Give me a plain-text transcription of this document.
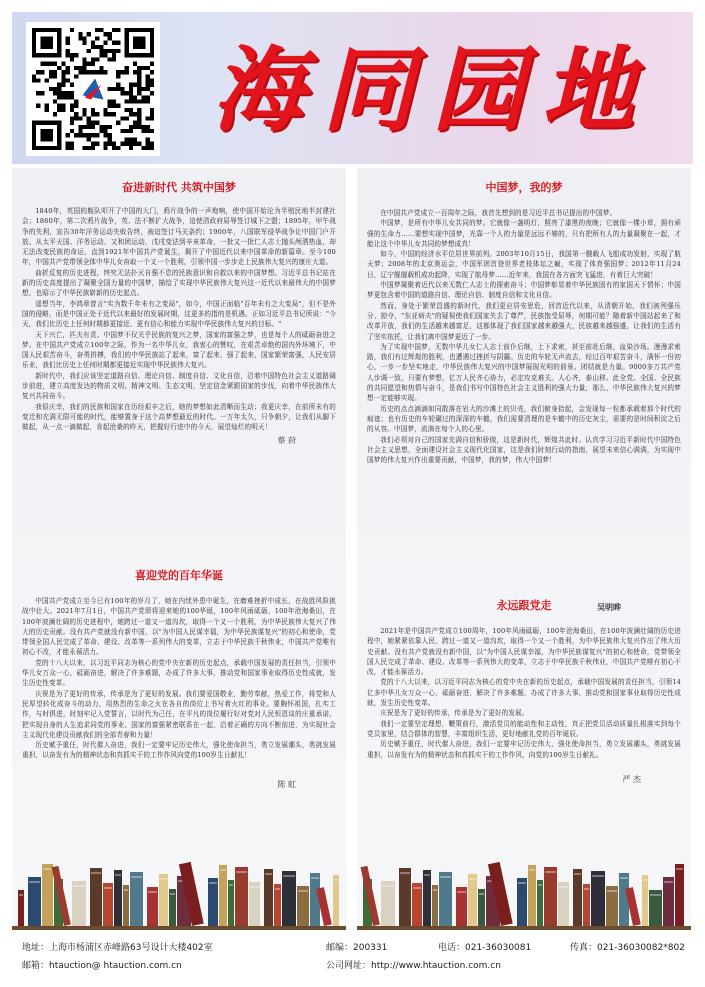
海同园地
奋进新时代 共筑中国梦

1840年，英国的舰队叩开了中国的大门，鸦片战争的一声炮响，使中国开始沦为半殖民地半封建社会；1860年，第二次鸦片战争，英、法不断扩大战争，迫使清政府屈辱签订城下之盟；1895年，甲午战争的失利，宣告30年洋务运动失败告终，被迫签订马关条约；1900年，八国联军侵华战争让中国门户开放。从太平天国、洋务运动、又和团运动，戊戌变法到辛亥革命，一批又一批仁人志士抛头颅洒热血，却无法改变民族的命运，直到1921年中国共产党诞生，揭开了中国近代以来中国革命的新篇章。至今100年，中国共产党带领全体中华儿女奋取一个又一个胜利，引领中国一步步走上民族伟大复兴的康庄大道。

曲折反复的历史进程，终究无法扑灭自强不息的民族意识和自救以来的中国梦想。习近平总书记站在新的历史高度提出了凝聚全国力量的中国梦，描绘了实现中华民族伟大复兴这一近代以来最伟大的中国梦想，也昭示了中华民族崭新的历史起点。

遥想当年，李鸿章曾言"实为数千年未有之变局"，如今，中国正面临"百年未有之大变局"，但不是外国的侵略，而是中国正处于近代以来最好的发展时期，这更多的指的是机遇。正如习近平总书记所说："今天，我们比历史上任何时期都更接近、更有信心和能力实现中华民族伟大复兴的目标。"

天下兴亡，匹夫有责。中国梦不仅关乎民族的复兴之梦，国家的富强之梦，也是每个人的砥砺奋进之梦。在中国共产党成立100年之际，作为一名中华儿女，我衷心的赞叹，在艰苦卓绝的国内外环境下，中国人民艰苦奋斗，奋勇拼搏，我们的中华民族站了起来，富了起来，强了起来，国家繁荣富强，人民安居乐业，我们比历史上任何时期都更接近实现中华民族伟大复兴。

新时代中，我们应该坚定道路自信、理论自信、制度自信、文化自信，沿着中国特色社会主义道路阔步前进，建立高度发达的物质文明、精神文明、生态文明，坚定信念紧跟国家的步伐，向着中华民族伟大复兴共同奋斗。

我很庆幸，我们的民族和国家在历经艰辛之后，她的梦想如此清晰而生动；我更庆幸，在前所未有的变迁和充满无限可能的时代，能够置身于这个高梦想最近的时代。一万年太久，只争朝夕，让我们从脚下做起，从一点一滴做起，肯起沧桑的昨天，把握好行进中的今天，展望灿烂的明天！

蔡 莳
喜迎党的百年华诞

中国共产党成立至今已有100年的岁月了，她在内忧外患中诞生，在磨难挫折中成长，在战胜风险挑战中壮大。2021年7月1日，中国共产党即将迎来她的100华诞，100年风雨砥砺，100年沧海桑田，在100年波澜壮阔的历史进程中，她跨过一道又一道沟坎，取得一个又一个胜利，为中华民族伟大复兴了伟大的历史贡献。没有共产党就没有新中国，以"为中国人民谋幸福，为中华民族谋复兴"的初心和使命，党带领全国人民完成了革命、建设、改革等一系列伟大的变革，立志于中华民族千秋伟业，中国共产党唯有初心不改，才能永葆活力。

党的十八大以来，以习近平同志为核心的党中央在新的历史起点，承载中国发展的责任担当，引领中华儿女万众一心，砥砺奋进，解决了许多难题，办成了许多大事，推动党和国家事业取得历史性成就，发生历史性变革。

庆祝是为了更好的传承，传承是为了更好的发展。我们要爱国敬业，勤劳奉献，热爱工作，将党和人民厚望转化成奋斗的动力，用热烈的生命之火在各自的岗位上书写着火红的事业。要胸怀祖国，扎实工作，与时俱进，时刻牢记入党誓言，以时代为己任，在平凡的岗位履行好对党对人民恒恩谈的庄重承诺，把实现自身的人生追求同党的事业、国家的富强紧密联系在一起，沿着正确的方向不断前进，为实现社会主义现代化建设贡献我们的全部青春和力量！

历史赋予重任，时代催人奋进，我们一定要牢记历史伟大，强化使命担当，勇立发展潮头，勇挑发展重担，以奋发有为的精神状态和真抓实干的工作作风向党的100岁生日献礼！

陈 虹
中国梦，我的梦

在中国共产党成立一百周年之际，我首先想到的是习近平总书记提出的中国梦。

中国梦，是所有中华儿女共同的梦。它就像一盏明灯，照亮了漆黑的夜晚；它就像一棵小草，拥有顽强的生命力……要想实现中国梦，光靠一个人的力量是远远不够的，只有把所有人的力量凝聚在一起，才能让这个中华儿女共同的梦想成真！

如今，中国的经济水平位居世界前列。2003年10月15日，我国第一艘载人飞船成功发射，实现了航天梦；2008年的北京奥运会，中国军团首登世界老枝体坛之巅，实现了体育强国梦；2012年11月24日，辽宁舰舰载机成功起降，实现了航母梦……近年来，我国在各方面突飞猛进，有着巨大突破！

中国梦凝聚着近代以来无数仁人志士的探索奋斗；中国梦彰显着中华民族固有的家国天下情怀；中国梦更包含着中国的道路自信、理论自信、制度自信和文化自信。

然而，身处于繁荣昌盛的新时代，我们更应居安思危，回首近代以来，从清朝开始，我们被列强压分、掠夺，"东亚病夫"的疑视使我们国家失去了尊严，民族饱受屈辱，何期可能？随着新中国站起来了和改革开放，我们的生活越来越富足，这都体现了我们国家越来越强大，民族越来越强盛，让我们的生活有了坚实依托，让我们离中国梦更近了一步。

为了实现中国梦，无数中华儿女仁人志士前仆后继，上下求索，甚至前赴后继，血染沙场。漫漫求索路，我们有过辉煌的胜利，也遭遇过挫折与阴霾。历史的车轮无声流去，经过百年艰苦奋斗，满怀一份初心，一步一步坚实地走，中华民族伟大复兴的中国梦展现光明的前景。团结就是力量。9000多万共产党人步调一致，只要有梦想，亿万人民齐心协力，必定攻克难关。人心齐，泰山移。此全党、全国、全民族的共同愿望和热情与奋斗，是我们书写中国特色社会主义胜利的强大力量，那么，中华民族伟大复兴的梦想一定能够实现。

历史的点点滴滴如同散落在岩大的沙滩上的贝壳，我们俯身拾起，会发现每一粒都承载着那个时代的痕迹；也有历史的车轮碾过的深深的车辙，我们需要清理的是车辙中的历史灰尘，需要的是时间积淀之后的从容。中国梦，流淌在每个人的心里。

我们必须对自己的国家充满自信和骄傲，这是新时代，辉煌共此时。认真学习习近平新时代中国特色社会主义思想，全面建设社会主义现代化国家，这是我们时刻行动的指南，展望未来信心满满，为实现中国梦的伟大复兴作出重要贡献，中国梦，我的梦，伟大中国梦！

永远跟党走	吴明晔

2021年是中国共产党成立100周年，100年风雨砥砺，100年沧海桑田，在100年波澜壮阔的历史进程中，她紧紧依靠人民，跨过一道又一道沟坎，取得一个又一个胜利，为中华民族伟大复兴作出了伟大历史贡献。没有共产党就没有新中国，以"为中国人民谋幸福，为中华民族谋复兴"的初心和使命，党带领全国人民完成了革命、建设、改革等一系列伟大的变革，立志于中华民族千秋伟业，中国共产党唯有初心不改，才能永葆活力。

党的十八大以来，以习近平同志为核心的党中央在新的历史起点，承载中国发展的责任担当，引领14亿多中华儿女万众一心，砥砺奋进，解决了许多难题，办成了许多大事，推动党和国家事业取得历史性成就，发生历史性变革。

庆祝是为了更好的传承，传承是为了更好的发展。

我们一定要坚定理想，鞭策前行，激活党员的能动性和主动性，真正把党员活动质量扎根落实到每个党员家里，结合群体的智慧，丰富组织生活，更好地献礼党的百年诞辰。

历史赋予重任，时代催人奋进，我们一定要牢记历史伟大，强化使命担当，勇立发展潮头，勇挑发展重担，以奋发有为的精神状态和真抓实干的工作作风，向党的100岁生日献礼。

严 杰
地址：上海市杨浦区赤峰路63号设计大楼402室	邮编：200331	电话：021-36030081	传真：021-36030082*802
邮箱：htauction@ htauction.com.cn	公司网址：http://www.htauction.com.cn
